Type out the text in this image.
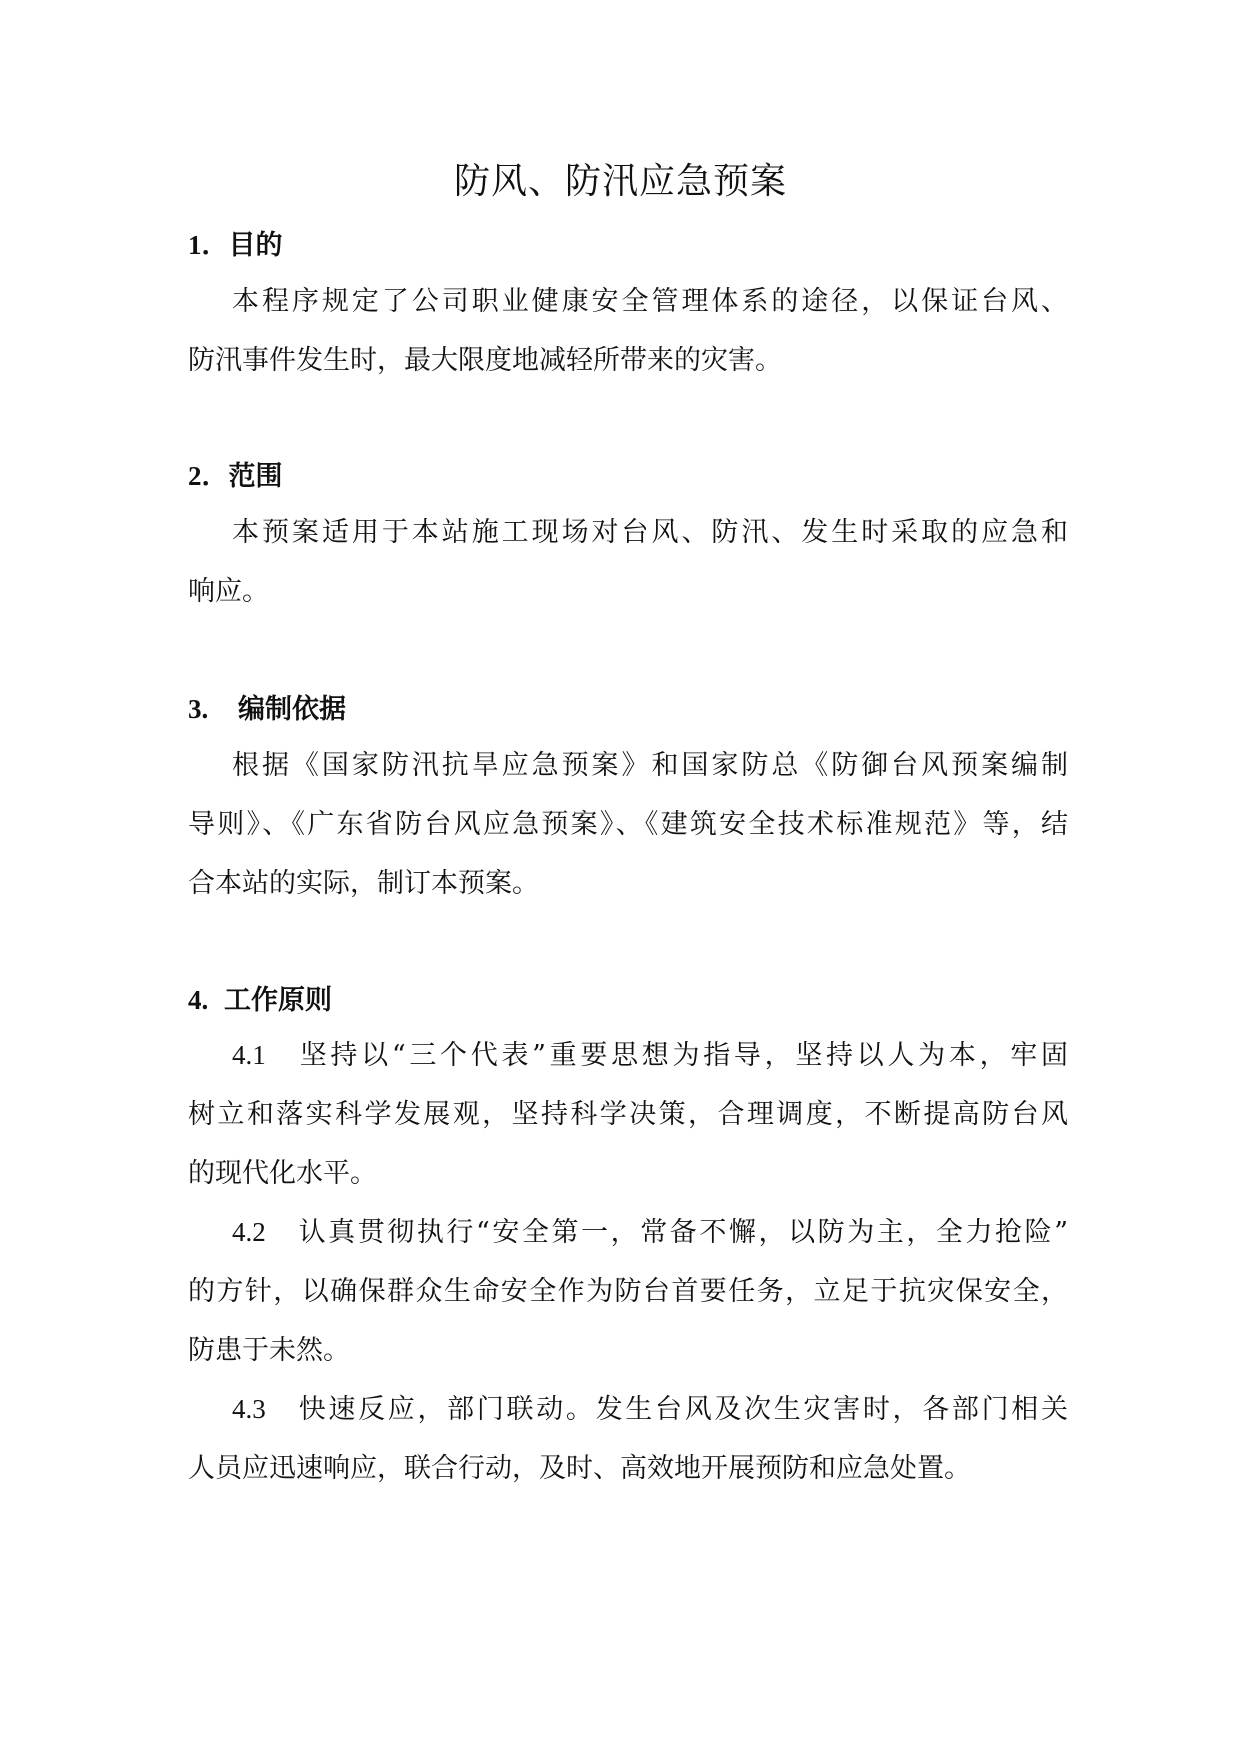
防风、防汛应急预案
1．目的
本程序规定了公司职业健康安全管理体系的途径，以保证台风、
防汛事件发生时，最大限度地减轻所带来的灾害。
2．范围
本预案适用于本站施工现场对台风、防汛、发生时采取的应急和
响应。
3. 编制依据
根据《国家防汛抗旱应急预案》和国家防总《防御台风预案编制
导则》、《广东省防台风应急预案》、《建筑安全技术标准规范》等，结
合本站的实际，制订本预案。
4. 工作原则
4.1 坚持以“三个代表”重要思想为指导，坚持以人为本，牢固
树立和落实科学发展观，坚持科学决策，合理调度，不断提高防台风
的现代化水平。
4.2 认真贯彻执行“安全第一，常备不懈，以防为主，全力抢险”
的方针，以确保群众生命安全作为防台首要任务，立足于抗灾保安全，
防患于未然。
4.3 快速反应，部门联动。发生台风及次生灾害时，各部门相关
人员应迅速响应，联合行动，及时、高效地开展预防和应急处置。
